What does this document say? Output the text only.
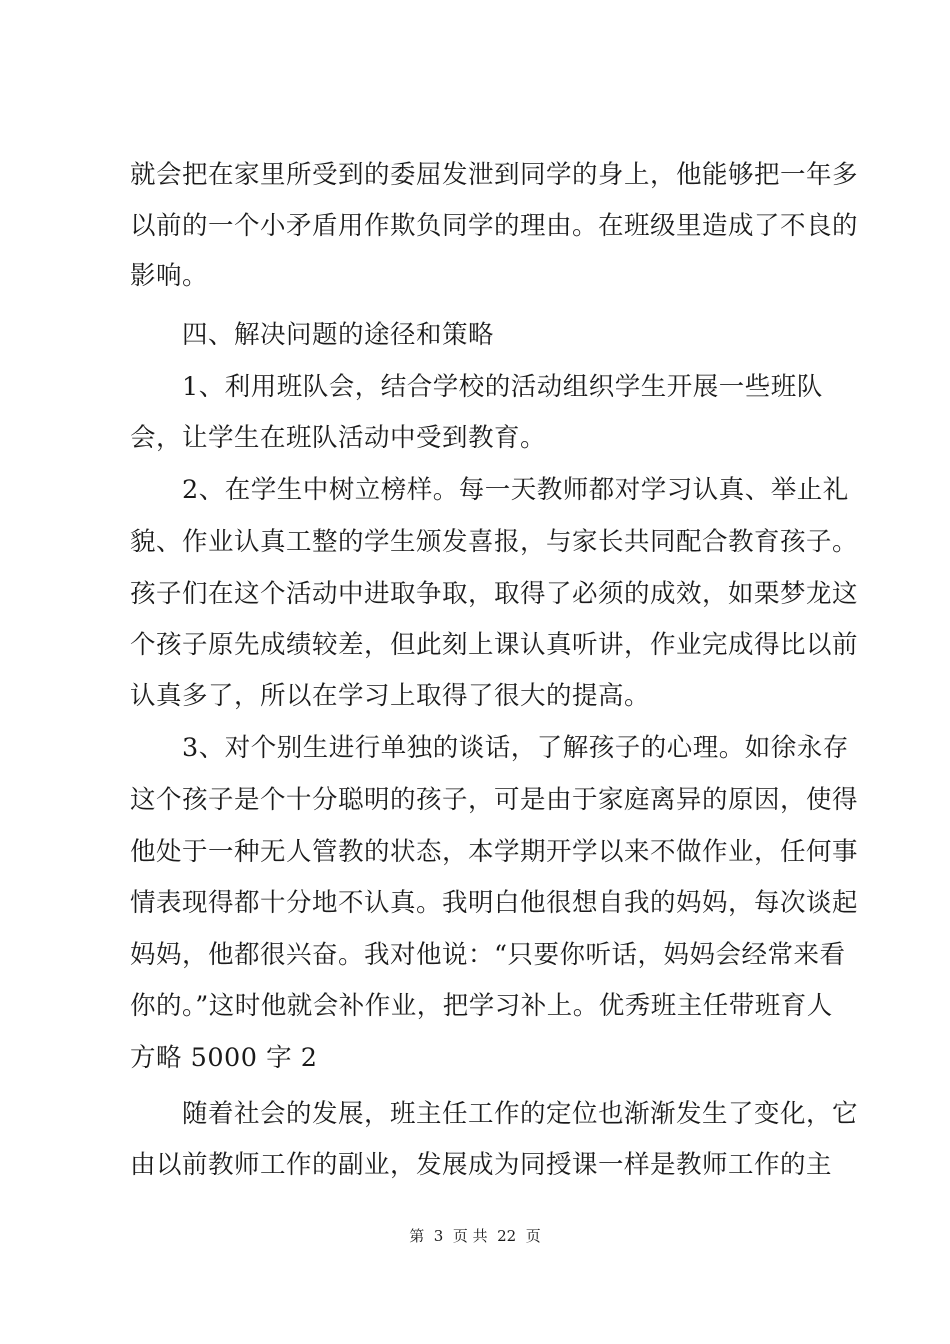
就会把在家里所受到的委屈发泄到同学的身上，他能够把一年多
以前的一个小矛盾用作欺负同学的理由。在班级里造成了不良的
影响。
　　四、解决问题的途径和策略
　　1、利用班队会，结合学校的活动组织学生开展一些班队
会，让学生在班队活动中受到教育。
　　2、在学生中树立榜样。每一天教师都对学习认真、举止礼
貌、作业认真工整的学生颁发喜报，与家长共同配合教育孩子。
孩子们在这个活动中进取争取，取得了必须的成效，如栗梦龙这
个孩子原先成绩较差，但此刻上课认真听讲，作业完成得比以前
认真多了，所以在学习上取得了很大的提高。
　　3、对个别生进行单独的谈话，了解孩子的心理。如徐永存
这个孩子是个十分聪明的孩子，可是由于家庭离异的原因，使得
他处于一种无人管教的状态，本学期开学以来不做作业，任何事
情表现得都十分地不认真。我明白他很想自我的妈妈，每次谈起
妈妈，他都很兴奋。我对他说：“只要你听话，妈妈会经常来看
你的。”这时他就会补作业，把学习补上。优秀班主任带班育人
方略 5000 字 2
　　随着社会的发展，班主任工作的定位也渐渐发生了变化，它
由以前教师工作的副业，发展成为同授课一样是教师工作的主
第  3  页 共  22  页
